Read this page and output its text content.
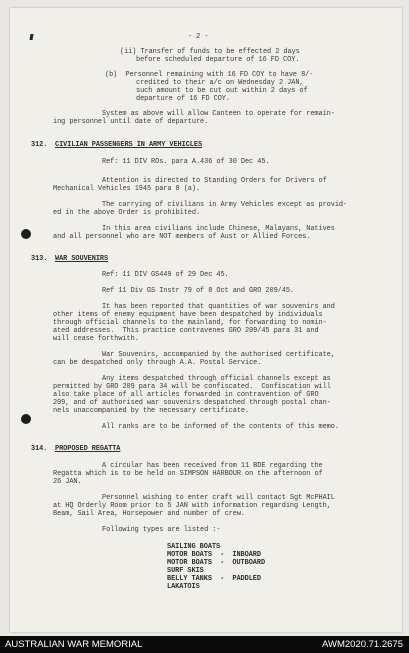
- 2 -
(ii) Transfer of funds to be effected 2 days
before scheduled departure of 16 FD COY.
(b)  Personnel remaining with 16 FD COY to have 8/-
credited to their a/c on Wednesday 2 JAN,
such amount to be cut out within 2 days of
departure of 16 FD COY.
System as above will allow Canteen to operate for remain-
ing personnel until date of departure.
312. CIVILIAN PASSENGERS IN ARMY VEHICLES
Ref: 11 DIV ROs. para A.436 of 30 Dec 45.
Attention is directed to Standing Orders for Drivers of
Mechanical Vehicles 1945 para 8 (a).
The carrying of civilians in Army Vehicles except as provid-
ed in the above Order is prohibited.
In this area civilians include Chinese, Malayans, Natives
and all personnel who are NOT members of Aust or Allied Forces.
313. WAR SOUVENIRS
Ref: 11 DIV GS449 of 29 Dec 45.
Ref 11 Div GS Instr 79 of 8 Oct and GRO 209/45.
It has been reported that quantities of war souvenirs and
other items of enemy equipment have been despatched by individuals
through official channels to the mainland, for forwarding to nomin-
ated addresses.  This practice contravenes GRO 209/45 para 31 and
will cease forthwith.
War Souvenirs, accompanied by the authorised certificate,
can be despatched only through A.A. Postal Service.
Any items despatched through official channels except as
permitted by GRO 209 para 34 will be confiscated.  Confiscation will
also take place of all articles forwarded in contravention of GRO
209, and of authorised war souvenirs despatched through postal chan-
nels unaccompanied by the necessary certificate.
All ranks are to be informed of the contents of this memo.
314. PROPOSED REGATTA
A circular has been received from 11 BDE regarding the
Regatta which is to be held on SIMPSON HARBOUR on the afternoon of
26 JAN.
Personnel wishing to enter craft will contact Sgt McPHAIL
at HQ Orderly Room prior to 5 JAN with information regarding Length,
Beam, Sail Area, Horsepower and number of crew.
Following types are listed :-
SAILING BOATS
MOTOR BOATS  -  INBOARD
MOTOR BOATS  -  OUTBOARD
SURF SKIS
BELLY TANKS  -  PADDLED
LAKATOIS
AUSTRALIAN WAR MEMORIAL	AWM2020.71.2675
